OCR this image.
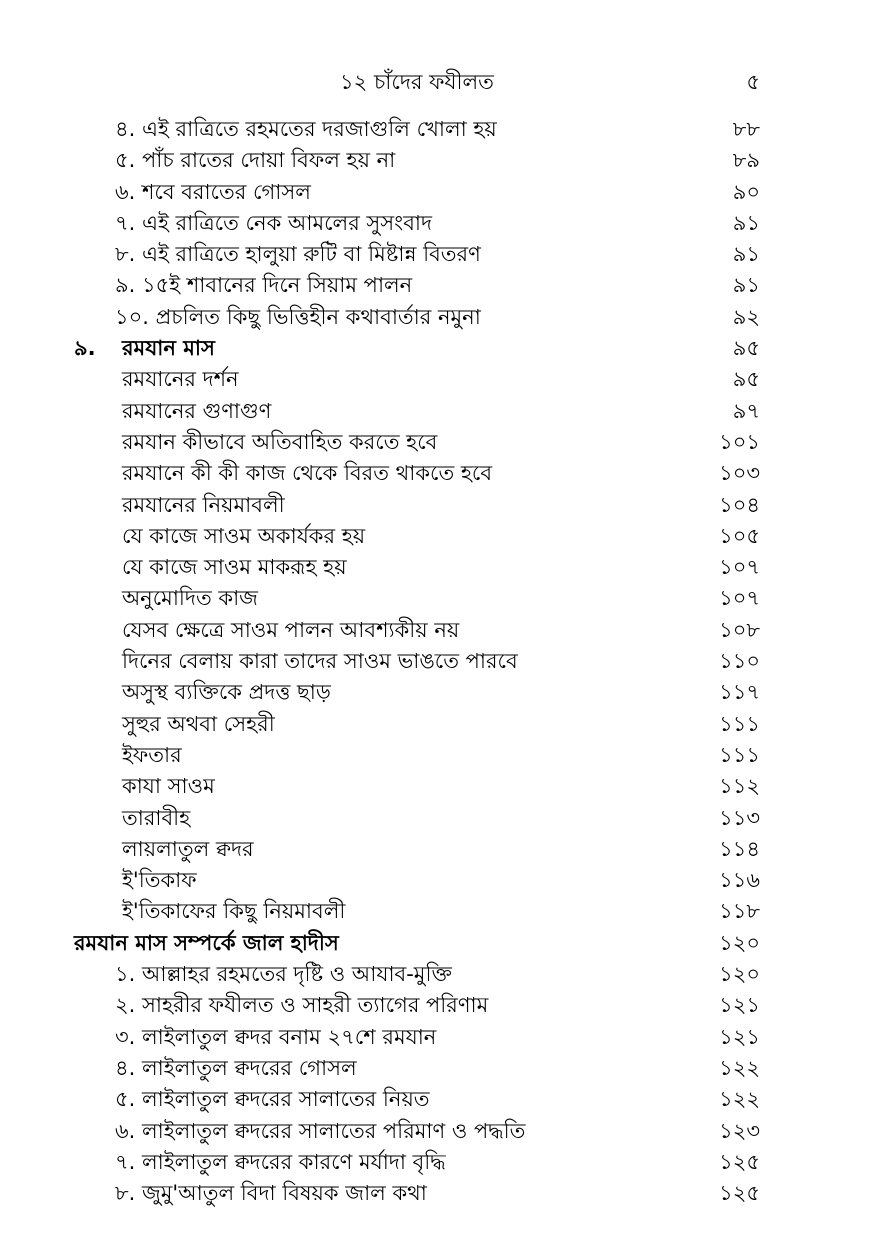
১২ চাঁদের ফযীলত	৫
৪. এই রাত্রিতে রহমতের দরজাগুলি খোলা হয়	৮৮
৫. পাঁচ রাতের দোয়া বিফল হয় না	৮৯
৬. শবে বরাতের গোসল	৯০
৭. এই রাত্রিতে নেক আমলের সুসংবাদ	৯১
৮. এই রাত্রিতে হালুয়া রুটি বা মিষ্টান্ন বিতরণ	৯১
৯. ১৫ই শাবানের দিনে সিয়াম পালন	৯১
১০. প্রচলিত কিছু ভিত্তিহীন কথাবার্তার নমুনা	৯২
৯. রমযান মাস	৯৫
রমযানের দর্শন	৯৫
রমযানের গুণাগুণ	৯৭
রমযান কীভাবে অতিবাহিত করতে হবে	১০১
রমযানে কী কী কাজ থেকে বিরত থাকতে হবে	১০৩
রমযানের নিয়মাবলী	১০৪
যে কাজে সাওম অকার্যকর হয়	১০৫
যে কাজে সাওম মাকরূহ হয়	১০৭
অনুমোদিত কাজ	১০৭
যেসব ক্ষেত্রে সাওম পালন আবশ্যকীয় নয়	১০৮
দিনের বেলায় কারা তাদের সাওম ভাঙতে পারবে	১১০
অসুস্থ ব্যক্তিকে প্রদত্ত ছাড়	১১৭
সুহুর অথবা সেহরী	১১১
ইফতার	১১১
কাযা সাওম	১১২
তারাবীহ	১১৩
লায়লাতুল ক্বদর	১১৪
ই'তিকাফ	১১৬
ই'তিকাফের কিছু নিয়মাবলী	১১৮
রমযান মাস সম্পর্কে জাল হাদীস	১২০
১. আল্লাহর রহমতের দৃষ্টি ও আযাব-মুক্তি	১২০
২. সাহরীর ফযীলত ও সাহরী ত্যাগের পরিণাম	১২১
৩. লাইলাতুল ক্বদর বনাম ২৭শে রমযান	১২১
৪. লাইলাতুল ক্বদরের গোসল	১২২
৫. লাইলাতুল ক্বদরের সালাতের নিয়ত	১২২
৬. লাইলাতুল ক্বদরের সালাতের পরিমাণ ও পদ্ধতি	১২৩
৭. লাইলাতুল ক্বদরের কারণে মর্যাদা বৃদ্ধি	১২৫
৮. জুমু'আতুল বিদা বিষয়ক জাল কথা	১২৫
